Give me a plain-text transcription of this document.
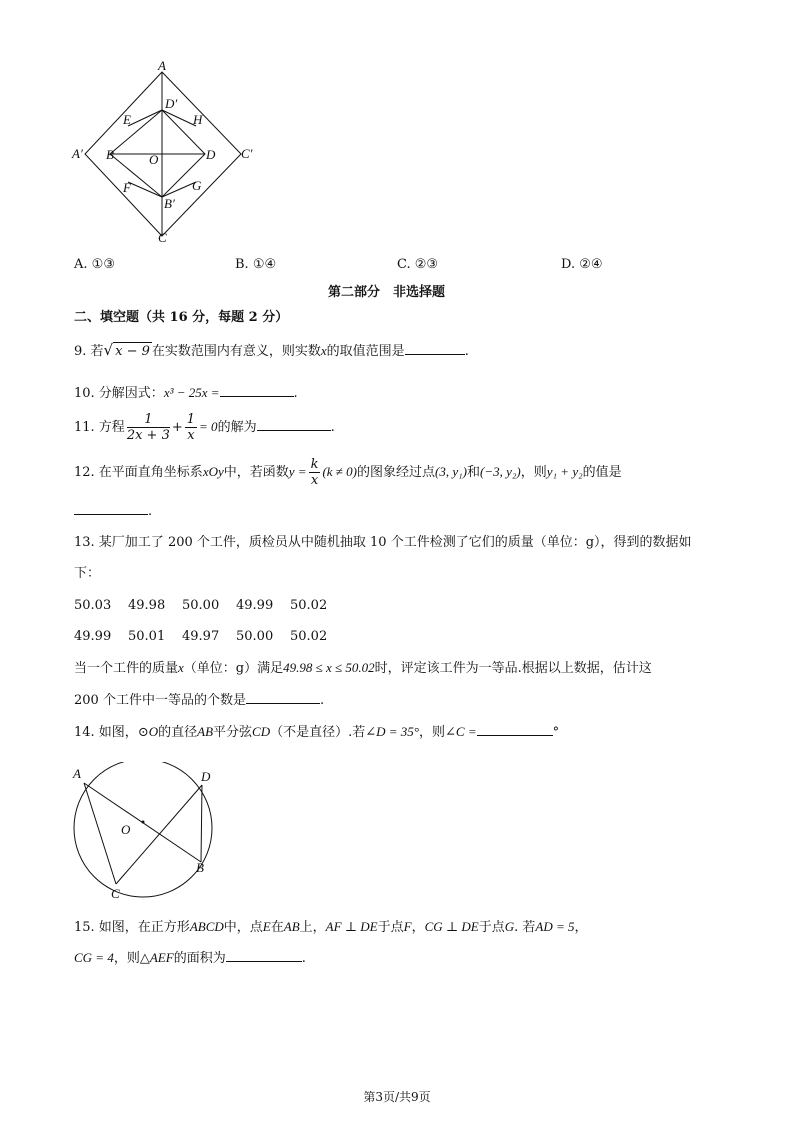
A
D′
E	H
A′ B	O	D C′
F	G
B′
C
A. ①③	B. ①④	C. ②③	D. ②④
第二部分　非选择题
二、填空题（共 16 分，每题 2 分）
9. 若√ x − 9 在实数范围内有意义，则实数x的取值范围是	.
10. 分解因式：x³ − 25x =	.
11. 方程 $\frac{1}{2x + 3} + \frac{1}{x} = 0$的解为	.
12. 在平面直角坐标系xOy中，若函数$y = \frac{k}{x} (k \ne 0)$的图象经过点(3, y₁)和(−3, y₂)，则y₁ + y₂的值是
.
13. 某厂加工了 200 个工件，质检员从中随机抽取 10 个工件检测了它们的质量（单位：g），得到的数据如
下：
50.03 49.98 50.00 49.99 50.02
49.99 50.01 49.97 50.00 50.02
当一个工件的质量x（单位：g）满足49.98 ≤ x ≤ 50.02时，评定该工件为一等品.根据以上数据，估计这
200 个工件中一等品的个数是	.
14. 如图，⊙O的直径AB平分弦CD（不是直径）.若∠D = 35°，则∠C =	°
A	D
O
B
C
15. 如图，在正方形ABCD中，点E在AB上，AF ⊥ DE于点F，CG ⊥ DE于点G. 若AD = 5，
CG = 4，则△AEF的面积为	.
第3页/共9页
